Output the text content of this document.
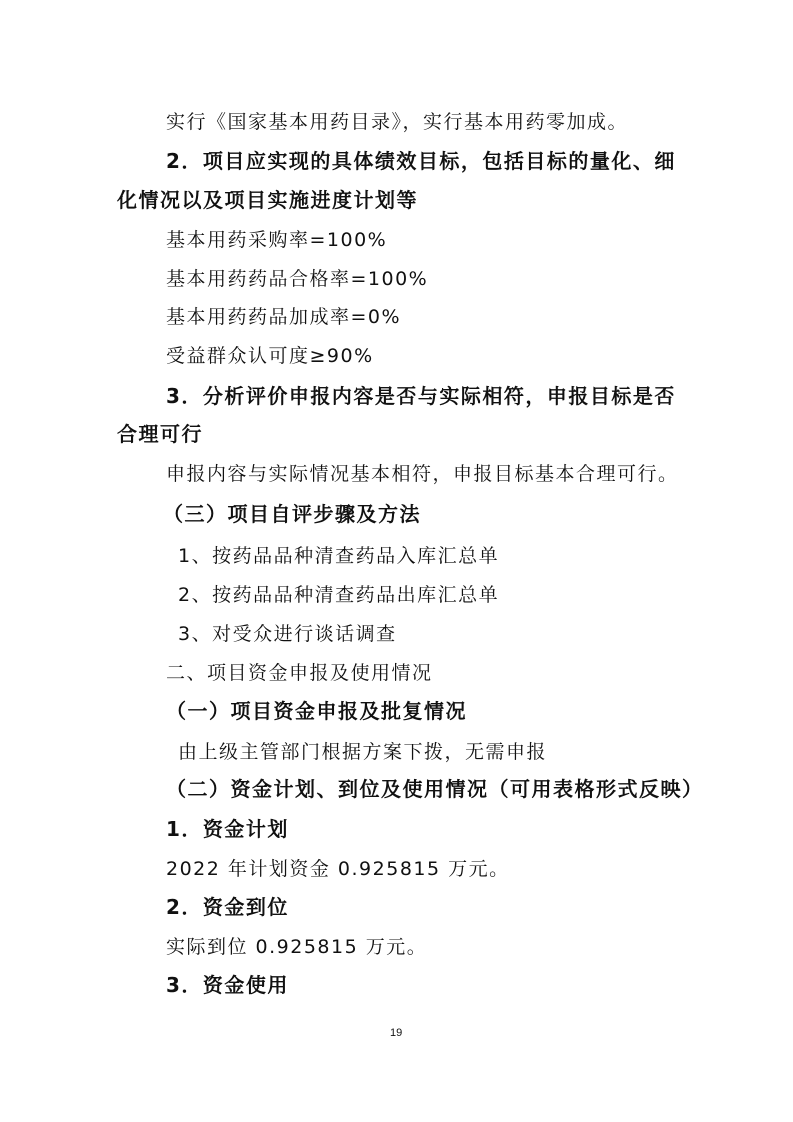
实行《国家基本用药目录》，实行基本用药零加成。
2．项目应实现的具体绩效目标，包括目标的量化、细
化情况以及项目实施进度计划等
基本用药采购率=100%
基本用药药品合格率=100%
基本用药药品加成率=0%
受益群众认可度≥90%
3．分析评价申报内容是否与实际相符，申报目标是否
合理可行
申报内容与实际情况基本相符，申报目标基本合理可行。
（三）项目自评步骤及方法
1、按药品品种清查药品入库汇总单
2、按药品品种清查药品出库汇总单
3、对受众进行谈话调查
二、项目资金申报及使用情况
（一）项目资金申报及批复情况
由上级主管部门根据方案下拨，无需申报
（二）资金计划、到位及使用情况（可用表格形式反映）
1．资金计划
2022 年计划资金 0.925815 万元。
2．资金到位
实际到位 0.925815 万元。
3．资金使用
19
